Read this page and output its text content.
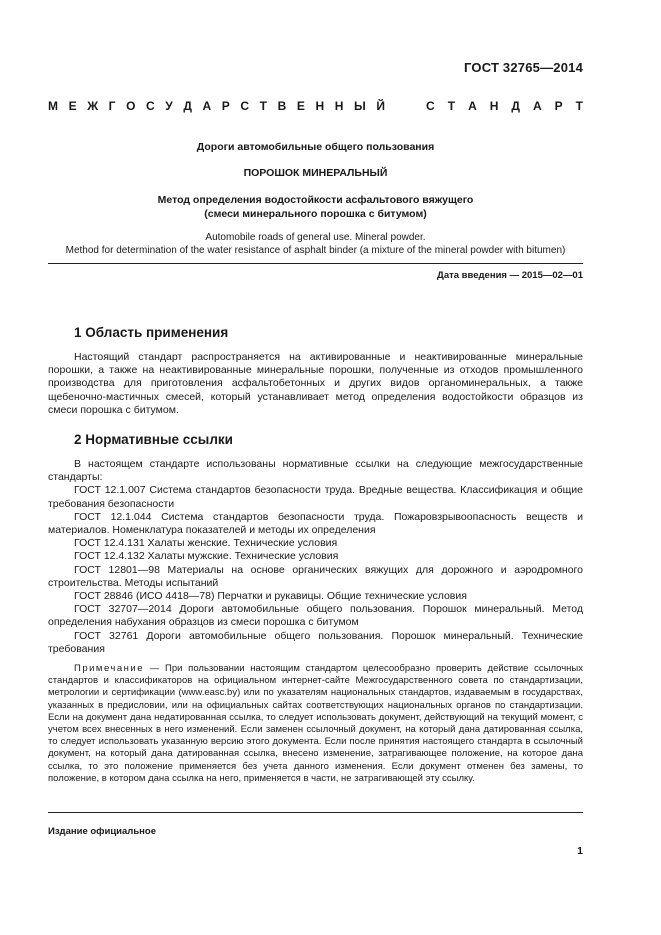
ГОСТ 32765—2014
М Е Ж Г О С У Д А Р С Т В Е Н Н Ы Й	С Т А Н Д А Р Т
Дороги автомобильные общего пользования
ПОРОШОК МИНЕРАЛЬНЫЙ
Метод определения водостойкости асфальтового вяжущего
(смеси минерального порошка с битумом)
Automobile roads of general use. Mineral powder.
Method for determination of the water resistance of asphalt binder (a mixture of the mineral powder with bitumen)
Дата введения — 2015—02—01
1 Область применения

Настоящий стандарт распространяется на активированные и неактивированные минеральные порошки, а также на неактивированные минеральные порошки, полученные из отходов промышленного производства для приготовления асфальтобетонных и других видов органоминеральных, а также щебеночно-мастичных смесей, который устанавливает метод определения водостойкости образцов из смеси порошка с битумом.

2 Нормативные ссылки

В настоящем стандарте использованы нормативные ссылки на следующие межгосударственные стандарты:

ГОСТ 12.1.007 Система стандартов безопасности труда. Вредные вещества. Классификация и общие требования безопасности

ГОСТ 12.1.044 Система стандартов безопасности труда. Пожаровзрывоопасность веществ и материалов. Номенклатура показателей и методы их определения

ГОСТ 12.4.131 Халаты женские. Технические условия

ГОСТ 12.4.132 Халаты мужские. Технические условия

ГОСТ 12801—98 Материалы на основе органических вяжущих для дорожного и аэродромного строительства. Методы испытаний

ГОСТ 28846 (ИСО 4418—78) Перчатки и рукавицы. Общие технические условия

ГОСТ 32707—2014 Дороги автомобильные общего пользования. Порошок минеральный. Метод определения набухания образцов из смеси порошка с битумом

ГОСТ 32761 Дороги автомобильные общего пользования. Порошок минеральный. Технические требования

Примечание — При пользовании настоящим стандартом целесообразно проверить действие ссылочных стандартов и классификаторов на официальном интернет-сайте Межгосударственного совета по стандартизации, метрологии и сертификации (www.easc.by) или по указателям национальных стандартов, издаваемым в государствах, указанных в предисловии, или на официальных сайтах соответствующих национальных органов по стандартизации. Если на документ дана недатированная ссылка, то следует использовать документ, действующий на текущий момент, с учетом всех внесенных в него изменений. Если заменен ссылочный документ, на который дана датированная ссылка, то следует использовать указанную версию этого документа. Если после принятия настоящего стандарта в ссылочный документ, на который дана датированная ссылка, внесено изменение, затрагивающее положение, на которое дана ссылка, то это положение применяется без учета данного изменения. Если документ отменен без замены, то положение, в котором дана ссылка на него, применяется в части, не затрагивающей эту ссылку.

Издание официальное
1
